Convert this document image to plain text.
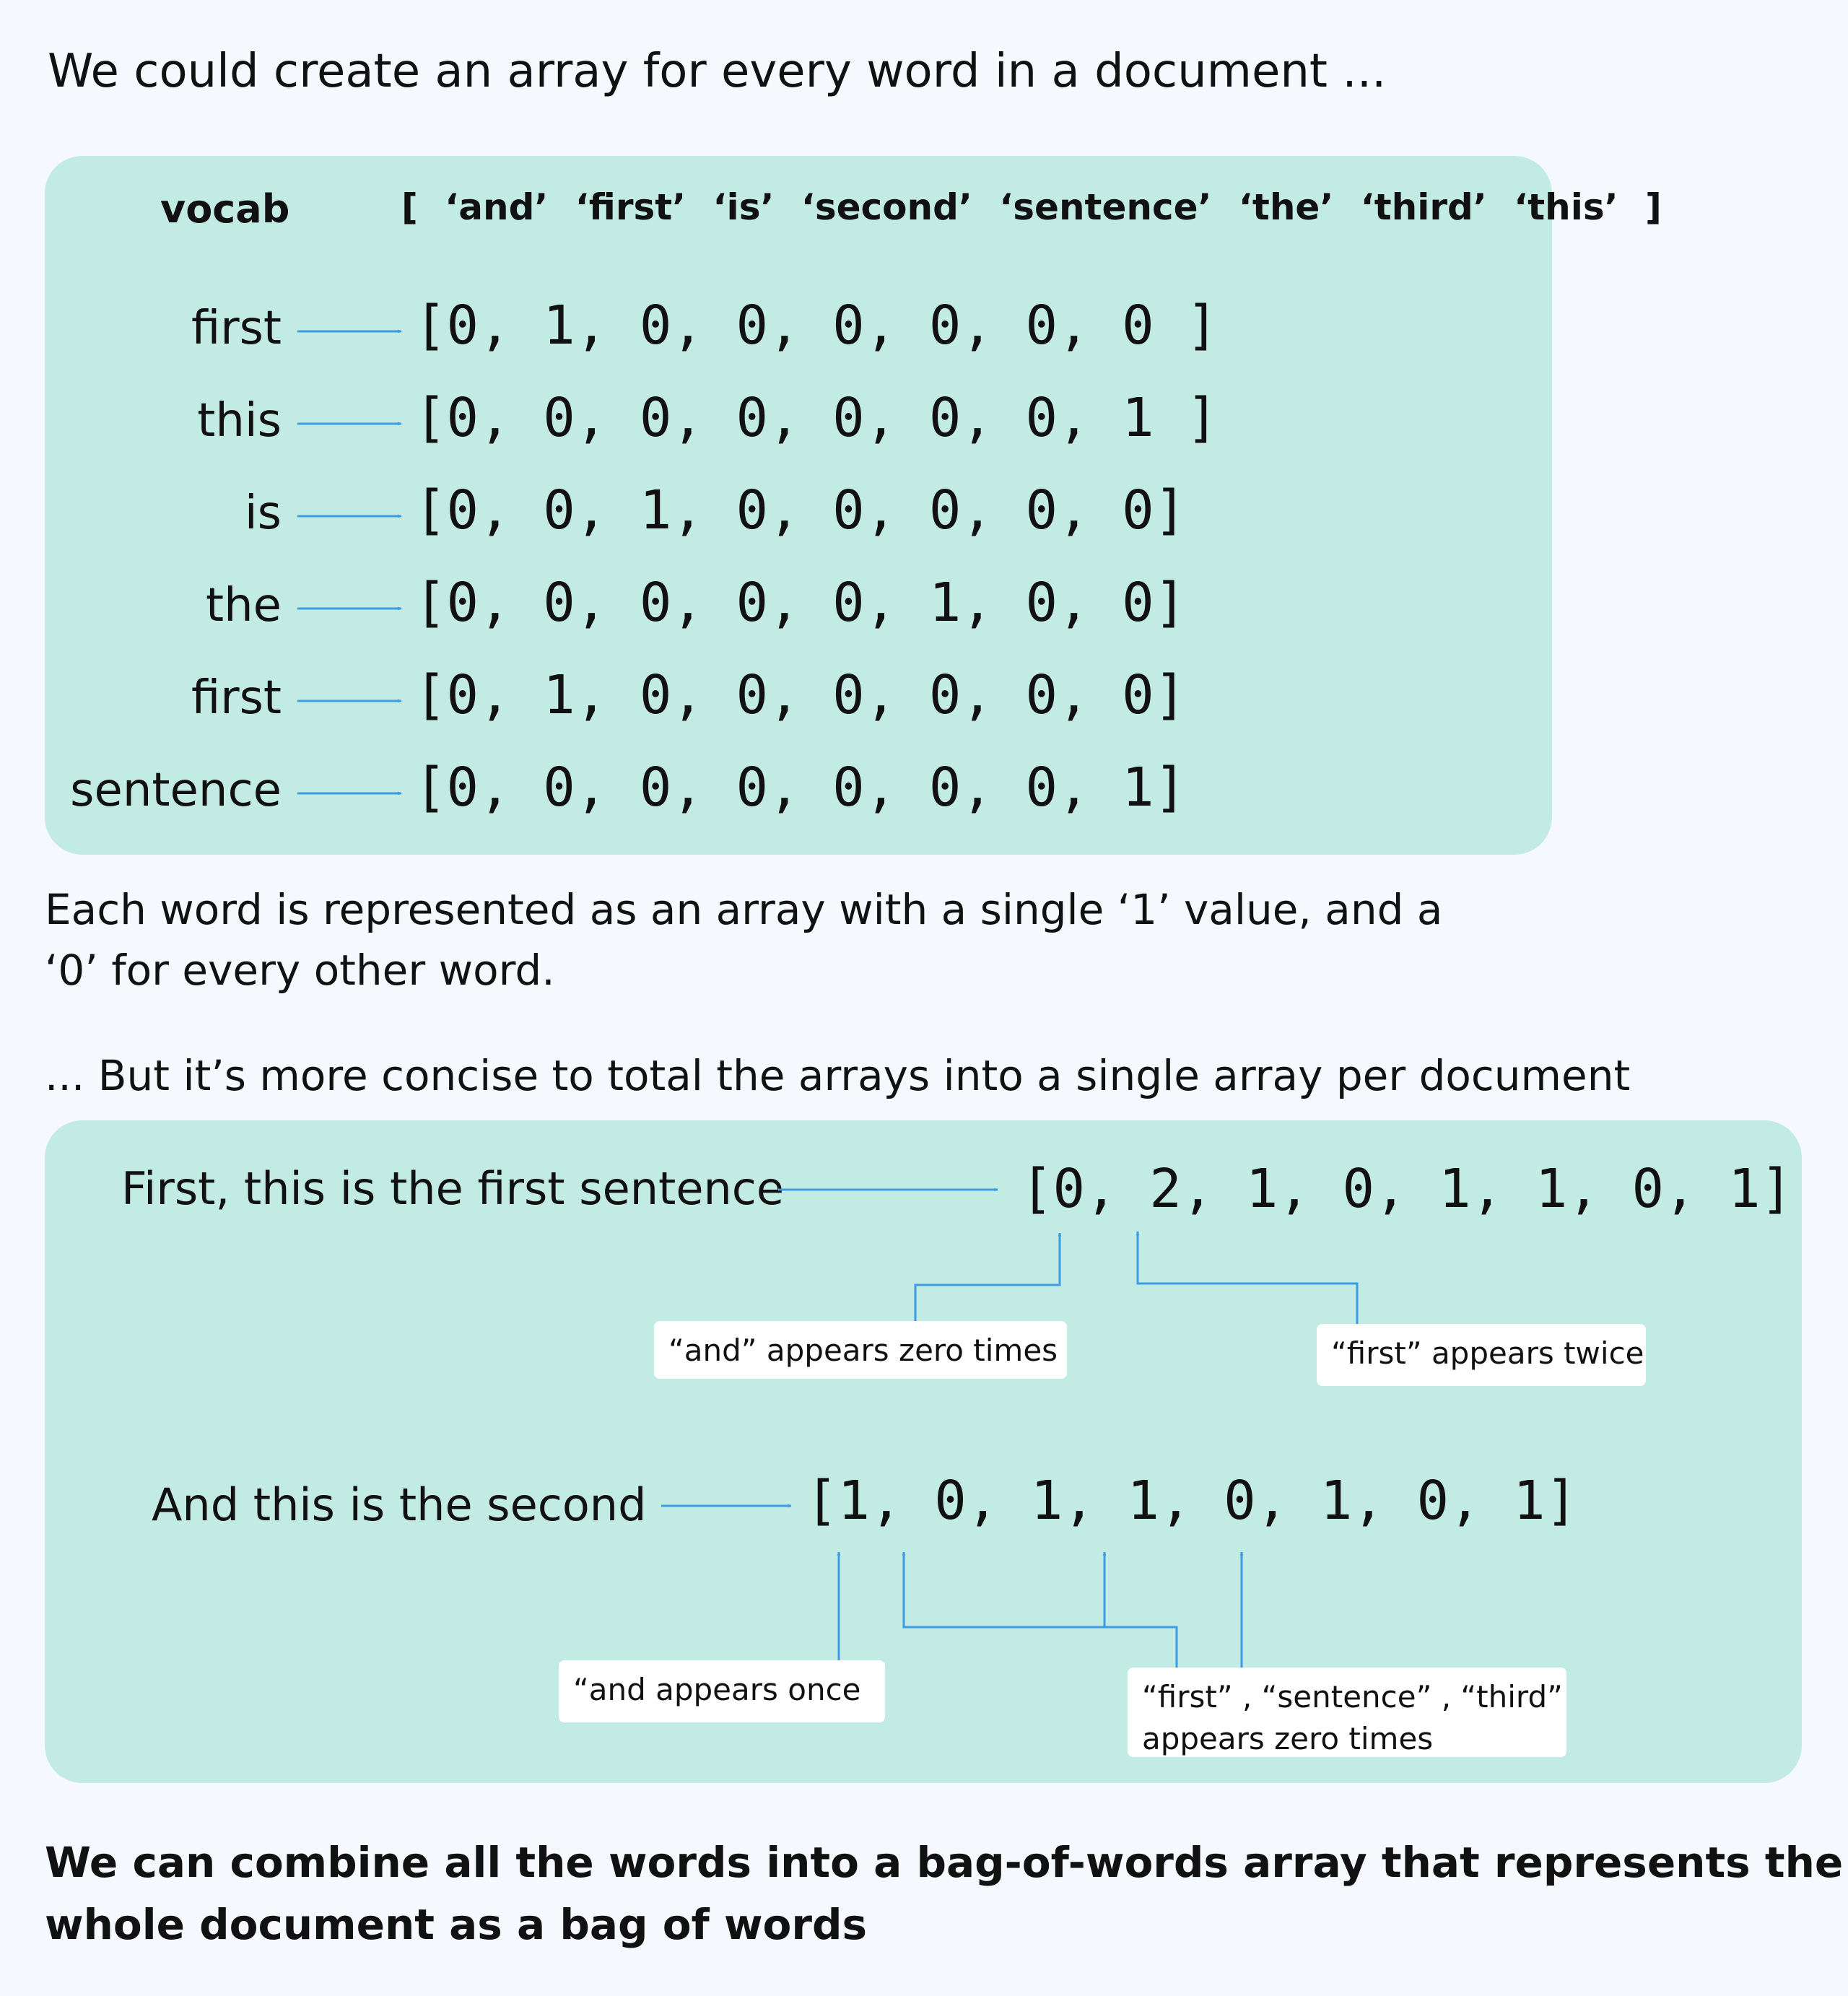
We could create an array for every word in a document ...
vocab	[ ‘and’ ‘first’ ‘is’ ‘second’ ‘sentence’ ‘the’ ‘third’ ‘this’ ]
first [0, 1, 0, 0, 0, 0, 0, 0 ]
this [0, 0, 0, 0, 0, 0, 0, 1 ]
is [0, 0, 1, 0, 0, 0, 0, 0]
the [0, 0, 0, 0, 0, 1, 0, 0]
first [0, 1, 0, 0, 0, 0, 0, 0]
sentence [0, 0, 0, 0, 0, 0, 0, 1]
Each word is represented as an array with a single ‘1’ value, and a
‘0’ for every other word.
... But it’s more concise to total the arrays into a single array per document
First, this is the first sentence	[0, 2, 1, 0, 1, 1, 0, 1]
“and” appears zero times	“first” appears twice
And this is the second	[1, 0, 1, 1, 0, 1, 0, 1]
“and appears once	“first” , “sentence” , “third”
appears zero times
We can combine all the words into a bag-of-words array that represents the
whole document as a bag of words
